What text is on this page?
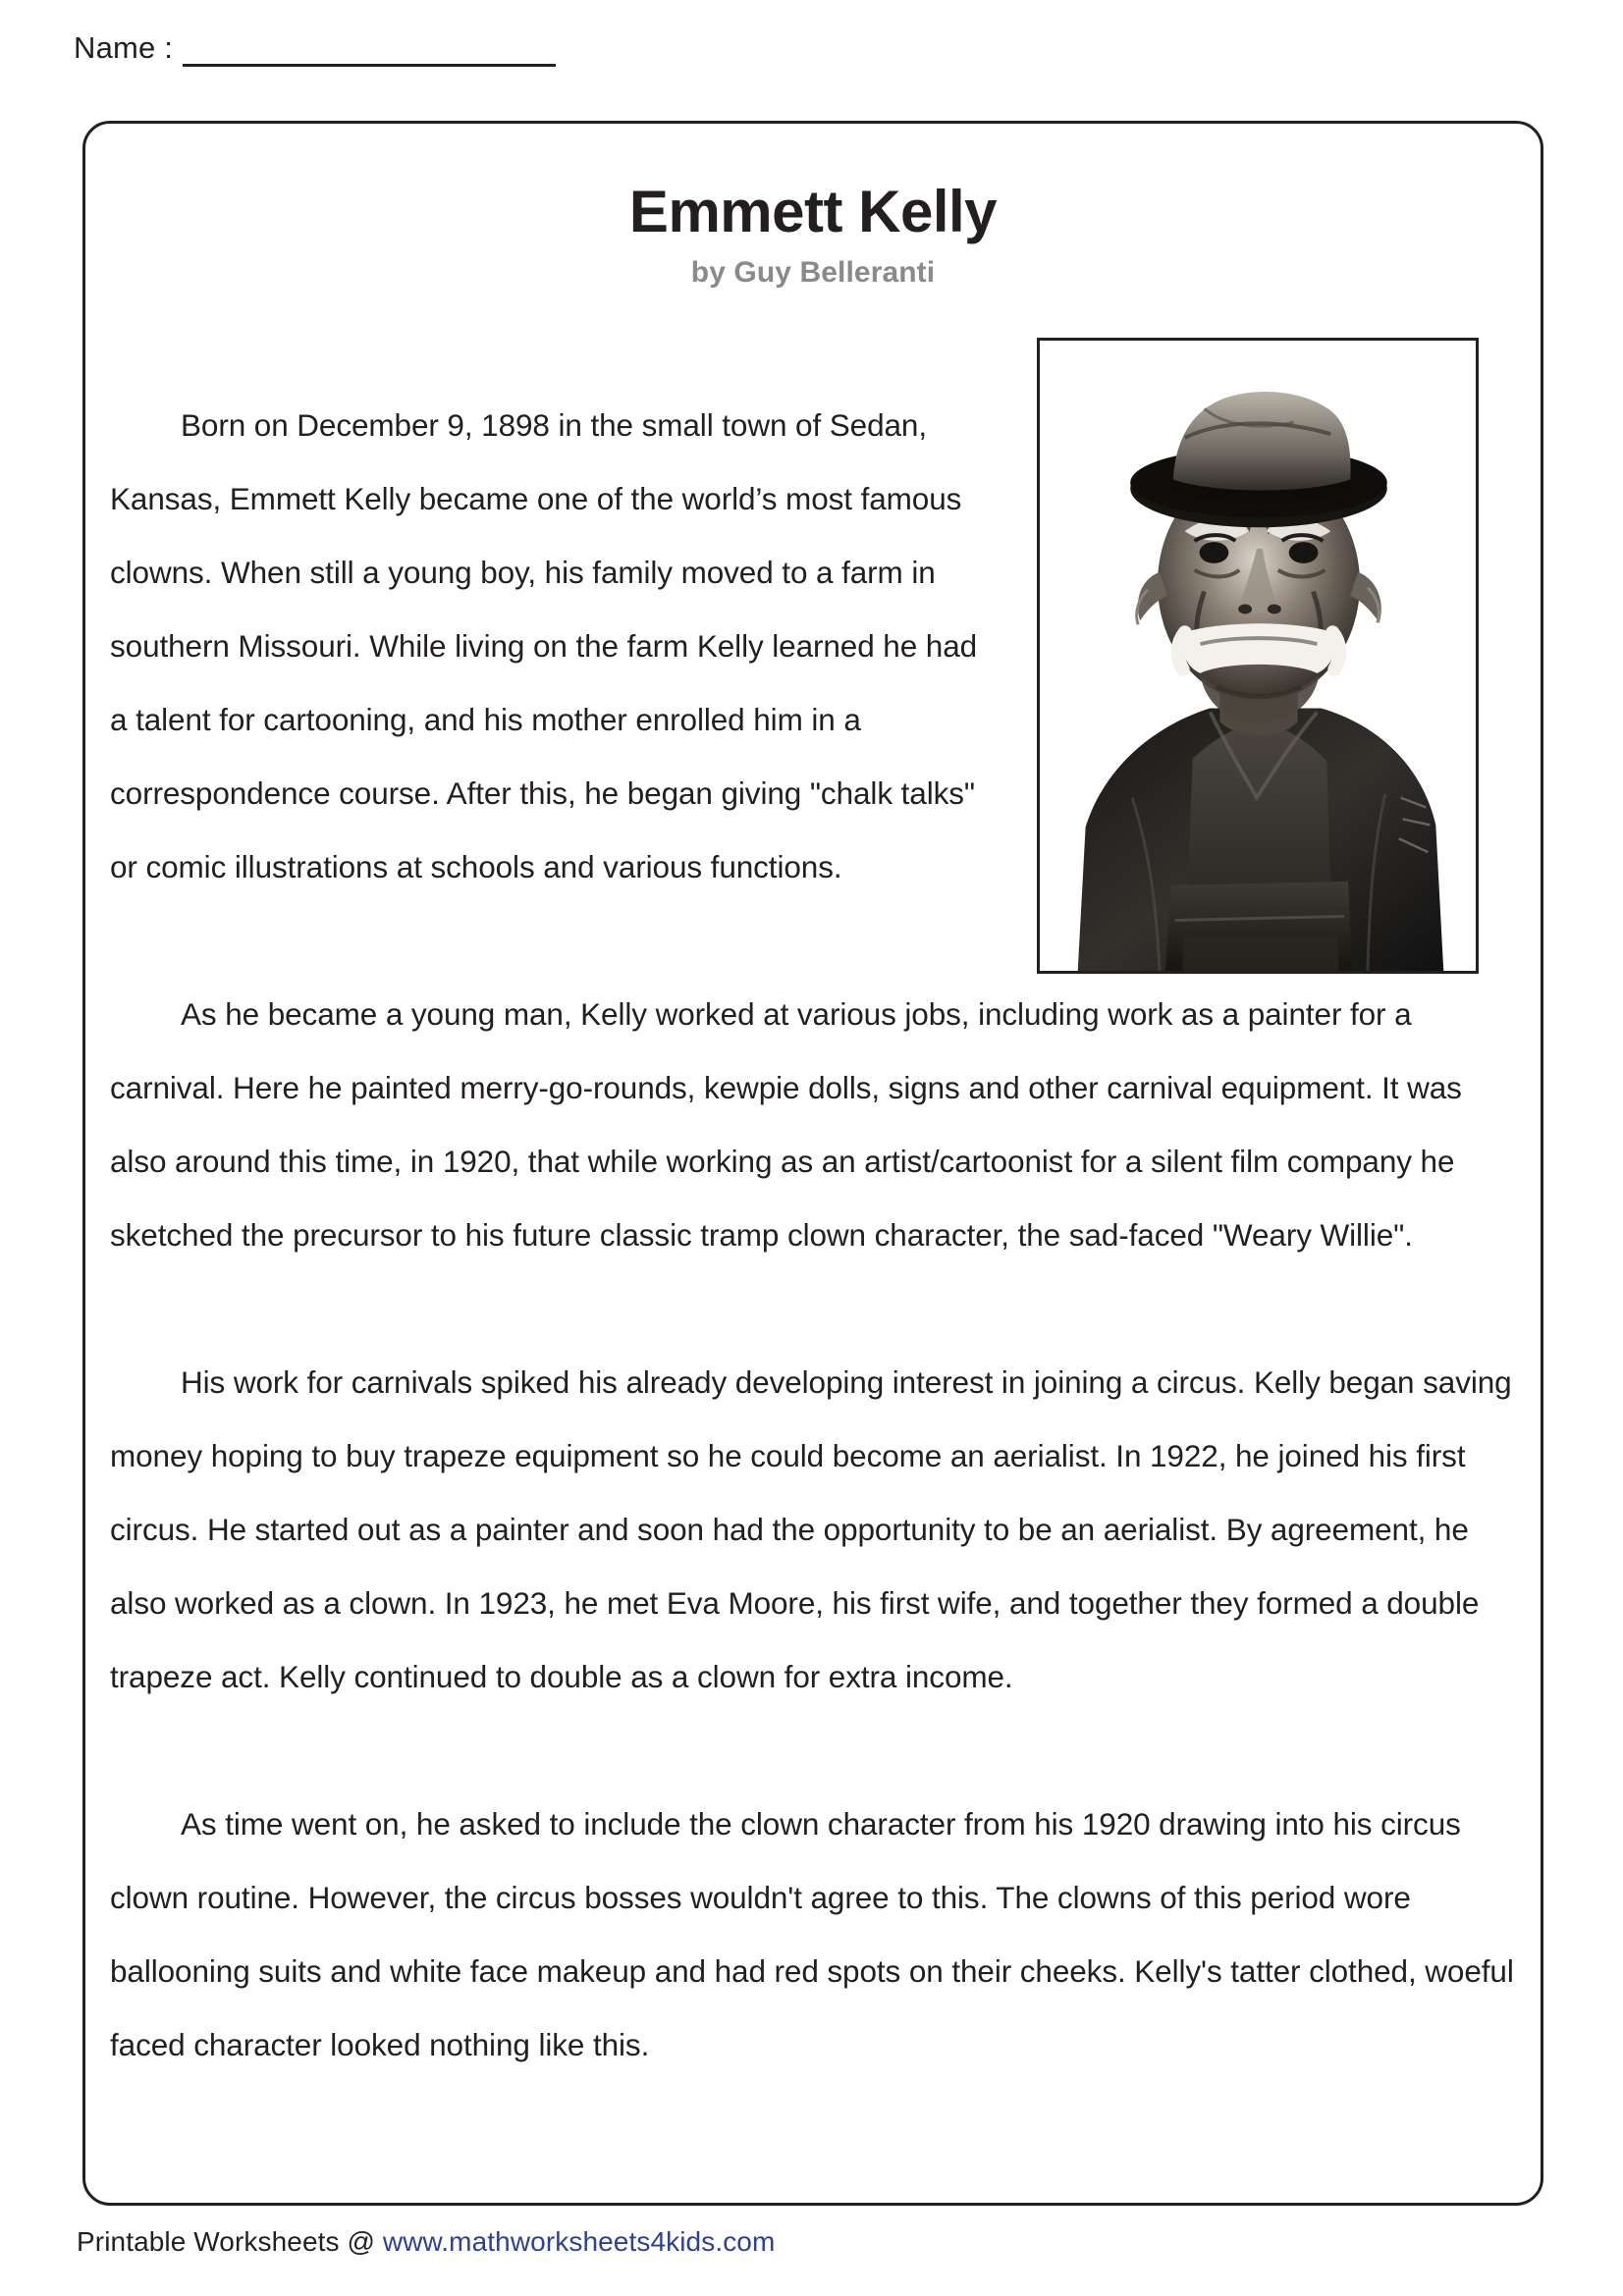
Name :
Emmett Kelly
by Guy Belleranti

Born on December 9, 1898 in the small town of Sedan, Kansas, Emmett Kelly became one of the world’s most famous clowns. When still a young boy, his family moved to a farm in southern Missouri. While living on the farm Kelly learned he had a talent for cartooning, and his mother enrolled him in a correspondence course. After this, he began giving "chalk talks" or comic illustrations at schools and various functions.

As he became a young man, Kelly worked at various jobs, including work as a painter for a carnival. Here he painted merry-go-rounds, kewpie dolls, signs and other carnival equipment. It was also around this time, in 1920, that while working as an artist/cartoonist for a silent film company he sketched the precursor to his future classic tramp clown character, the sad-faced "Weary Willie".

His work for carnivals spiked his already developing interest in joining a circus. Kelly began saving money hoping to buy trapeze equipment so he could become an aerialist. In 1922, he joined his first circus. He started out as a painter and soon had the opportunity to be an aerialist. By agreement, he also worked as a clown. In 1923, he met Eva Moore, his first wife, and together they formed a double trapeze act. Kelly continued to double as a clown for extra income.

As time went on, he asked to include the clown character from his 1920 drawing into his circus clown routine. However, the circus bosses wouldn't agree to this. The clowns of this period wore ballooning suits and white face makeup and had red spots on their cheeks. Kelly's tatter clothed, woeful faced character looked nothing like this.

Printable Worksheets @ www.mathworksheets4kids.com
